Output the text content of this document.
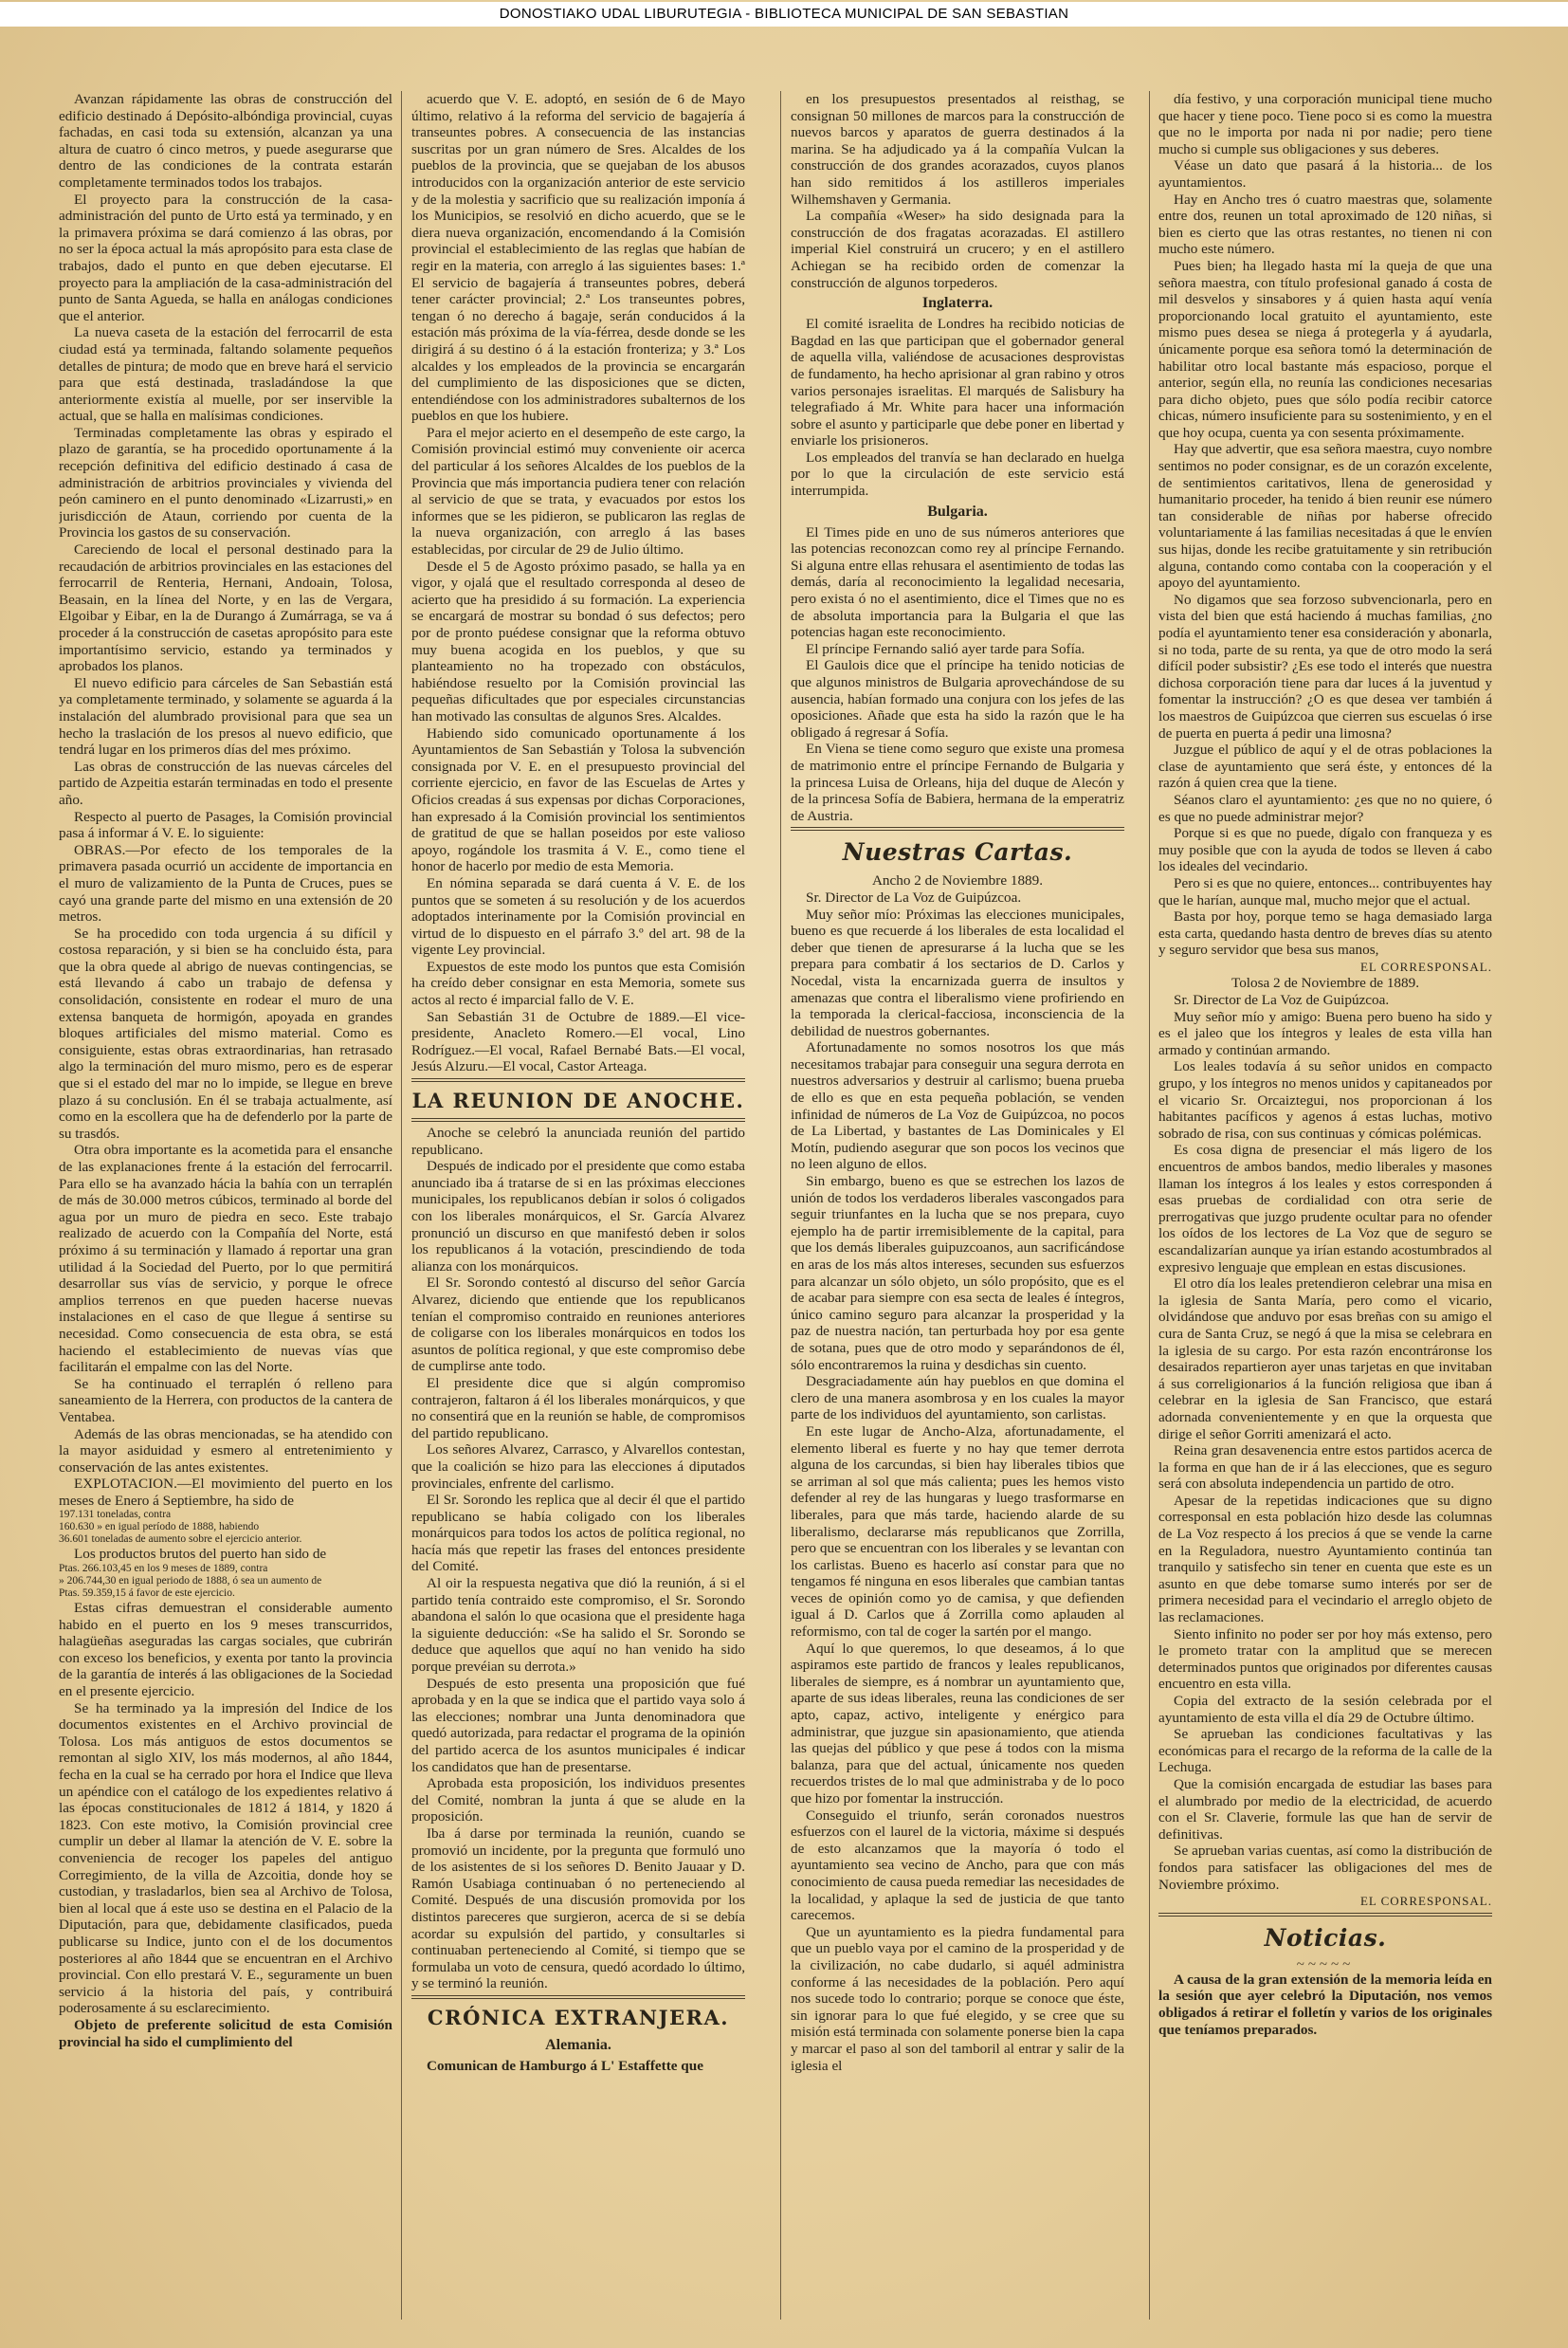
DONOSTIAKO UDAL LIBURUTEGIA - BIBLIOTECA MUNICIPAL DE SAN SEBASTIAN

Avanzan rápidamente las obras de construcción del edificio destinado á Depósito-albóndiga provincial, cuyas fachadas, en casi toda su extensión, alcanzan ya una altura de cuatro ó cinco metros, y puede asegurarse que dentro de las condiciones de la contrata estarán completamente terminados todos los trabajos.

El proyecto para la construcción de la casa-administración del punto de Urto está ya terminado, y en la primavera próxima se dará comienzo á las obras, por no ser la época actual la más apropósito para esta clase de trabajos, dado el punto en que deben ejecutarse. El proyecto para la ampliación de la casa-administración del punto de Santa Agueda, se halla en análogas condiciones que el anterior.

La nueva caseta de la estación del ferrocarril de esta ciudad está ya terminada, faltando solamente pequeños detalles de pintura; de modo que en breve hará el servicio para que está destinada, trasladándose la que anteriormente existía al muelle, por ser inservible la actual, que se halla en malísimas condiciones.

Terminadas completamente las obras y espirado el plazo de garantía, se ha procedido oportunamente á la recepción definitiva del edificio destinado á casa de administración de arbitrios provinciales y vivienda del peón caminero en el punto denominado «Lizarrusti,» en jurisdicción de Ataun, corriendo por cuenta de la Provincia los gastos de su conservación.

Careciendo de local el personal destinado para la recaudación de arbitrios provinciales en las estaciones del ferrocarril de Renteria, Hernani, Andoain, Tolosa, Beasain, en la línea del Norte, y en las de Vergara, Elgoibar y Eibar, en la de Durango á Zumárraga, se va á proceder á la construcción de casetas apropósito para este importantísimo servicio, estando ya terminados y aprobados los planos.

El nuevo edificio para cárceles de San Sebastián está ya completamente terminado, y solamente se aguarda á la instalación del alumbrado provisional para que sea un hecho la traslación de los presos al nuevo edificio, que tendrá lugar en los primeros días del mes próximo.

Las obras de construcción de las nuevas cárceles del partido de Azpeitia estarán terminadas en todo el presente año.

Respecto al puerto de Pasages, la Comisión provincial pasa á informar á V. E. lo siguiente:

OBRAS.—Por efecto de los temporales de la primavera pasada ocurrió un accidente de importancia en el muro de valizamiento de la Punta de Cruces, pues se cayó una grande parte del mismo en una extensión de 20 metros.

Se ha procedido con toda urgencia á su difícil y costosa reparación, y si bien se ha concluido ésta, para que la obra quede al abrigo de nuevas contingencias, se está llevando á cabo un trabajo de defensa y consolidación, consistente en rodear el muro de una extensa banqueta de hormigón, apoyada en grandes bloques artificiales del mismo material. Como es consiguiente, estas obras extraordinarias, han retrasado algo la terminación del muro mismo, pero es de esperar que si el estado del mar no lo impide, se llegue en breve plazo á su conclusión. En él se trabaja actualmente, así como en la escollera que ha de defenderlo por la parte de su trasdós.

Otra obra importante es la acometida para el ensanche de las explanaciones frente á la estación del ferrocarril. Para ello se ha avanzado hácia la bahía con un terraplén de más de 30.000 metros cúbicos, terminado al borde del agua por un muro de piedra en seco. Este trabajo realizado de acuerdo con la Compañía del Norte, está próximo á su terminación y llamado á reportar una gran utilidad á la Sociedad del Puerto, por lo que permitirá desarrollar sus vías de servicio, y porque le ofrece amplios terrenos en que pueden hacerse nuevas instalaciones en el caso de que llegue á sentirse su necesidad. Como consecuencia de esta obra, se está haciendo el establecimiento de nuevas vías que facilitarán el empalme con las del Norte.

Se ha continuado el terraplén ó relleno para saneamiento de la Herrera, con productos de la cantera de Ventabea.

Además de las obras mencionadas, se ha atendido con la mayor asiduidad y esmero al entretenimiento y conservación de las antes existentes.

EXPLOTACION.—El movimiento del puerto en los meses de Enero á Septiembre, ha sido de

197.131 toneladas, contra

160.630 » en igual período de 1888, habiendo

36.601 toneladas de aumento sobre el ejercicio anterior.

Los productos brutos del puerto han sido de

Ptas. 266.103,45 en los 9 meses de 1889, contra

» 206.744,30 en igual periodo de 1888, ó sea un aumento de

Ptas. 59.359,15 á favor de este ejercicio.

Estas cifras demuestran el considerable aumento habido en el puerto en los 9 meses transcurridos, halagüeñas aseguradas las cargas sociales, que cubrirán con exceso los beneficios, y exenta por tanto la provincia de la garantía de interés á las obligaciones de la Sociedad en el presente ejercicio.

Se ha terminado ya la impresión del Indice de los documentos existentes en el Archivo provincial de Tolosa. Los más antiguos de estos documentos se remontan al siglo XIV, los más modernos, al año 1844, fecha en la cual se ha cerrado por hora el Indice que lleva un apéndice con el catálogo de los expedientes relativo á las épocas constitucionales de 1812 á 1814, y 1820 á 1823. Con este motivo, la Comisión provincial cree cumplir un deber al llamar la atención de V. E. sobre la conveniencia de recoger los papeles del antiguo Corregimiento, de la villa de Azcoitia, donde hoy se custodian, y trasladarlos, bien sea al Archivo de Tolosa, bien al local que á este uso se destina en el Palacio de la Diputación, para que, debidamente clasificados, pueda publicarse su Indice, junto con el de los documentos posteriores al año 1844 que se encuentran en el Archivo provincial. Con ello prestará V. E., seguramente un buen servicio á la historia del país, y contribuirá poderosamente á su esclarecimiento.

Objeto de preferente solicitud de esta Comisión provincial ha sido el cumplimiento del

acuerdo que V. E. adoptó, en sesión de 6 de Mayo último, relativo á la reforma del servicio de bagajería á transeuntes pobres. A consecuencia de las instancias suscritas por un gran número de Sres. Alcaldes de los pueblos de la provincia, que se quejaban de los abusos introducidos con la organización anterior de este servicio y de la molestia y sacrificio que su realización imponía á los Municipios, se resolvió en dicho acuerdo, que se le diera nueva organización, encomendando á la Comisión provincial el establecimiento de las reglas que habían de regir en la materia, con arreglo á las siguientes bases: 1.ª El servicio de bagajería á transeuntes pobres, deberá tener carácter provincial; 2.ª Los transeuntes pobres, tengan ó no derecho á bagaje, serán conducidos á la estación más próxima de la vía-férrea, desde donde se les dirigirá á su destino ó á la estación fronteriza; y 3.ª Los alcaldes y los empleados de la provincia se encargarán del cumplimiento de las disposiciones que se dicten, entendiéndose con los administradores subalternos de los pueblos en que los hubiere.

Para el mejor acierto en el desempeño de este cargo, la Comisión provincial estimó muy conveniente oir acerca del particular á los señores Alcaldes de los pueblos de la Provincia que más importancia pudiera tener con relación al servicio de que se trata, y evacuados por estos los informes que se les pidieron, se publicaron las reglas de la nueva organización, con arreglo á las bases establecidas, por circular de 29 de Julio último.

Desde el 5 de Agosto próximo pasado, se halla ya en vigor, y ojalá que el resultado corresponda al deseo de acierto que ha presidido á su formación. La experiencia se encargará de mostrar su bondad ó sus defectos; pero por de pronto puédese consignar que la reforma obtuvo muy buena acogida en los pueblos, y que su planteamiento no ha tropezado con obstáculos, habiéndose resuelto por la Comisión provincial las pequeñas dificultades que por especiales circunstancias han motivado las consultas de algunos Sres. Alcaldes.

Habiendo sido comunicado oportunamente á los Ayuntamientos de San Sebastián y Tolosa la subvención consignada por V. E. en el presupuesto provincial del corriente ejercicio, en favor de las Escuelas de Artes y Oficios creadas á sus expensas por dichas Corporaciones, han expresado á la Comisión provincial los sentimientos de gratitud de que se hallan poseidos por este valioso apoyo, rogándole los trasmita á V. E., como tiene el honor de hacerlo por medio de esta Memoria.

En nómina separada se dará cuenta á V. E. de los puntos que se someten á su resolución y de los acuerdos adoptados interinamente por la Comisión provincial en virtud de lo dispuesto en el párrafo 3.º del art. 98 de la vigente Ley provincial.

Expuestos de este modo los puntos que esta Comisión ha creído deber consignar en esta Memoria, somete sus actos al recto é imparcial fallo de V. E.

San Sebastián 31 de Octubre de 1889.—El vice-presidente, Anacleto Romero.—El vocal, Lino Rodríguez.—El vocal, Rafael Bernabé Bats.—El vocal, Jesús Alzuru.—El vocal, Castor Arteaga.

LA REUNION DE ANOCHE.

Anoche se celebró la anunciada reunión del partido republicano.

Después de indicado por el presidente que como estaba anunciado iba á tratarse de si en las próximas elecciones municipales, los republicanos debían ir solos ó coligados con los liberales monárquicos, el Sr. García Alvarez pronunció un discurso en que manifestó deben ir solos los republicanos á la votación, prescindiendo de toda alianza con los monárquicos.

El Sr. Sorondo contestó al discurso del señor García Alvarez, diciendo que entiende que los republicanos tenían el compromiso contraido en reuniones anteriores de coligarse con los liberales monárquicos en todos los asuntos de política regional, y que este compromiso debe de cumplirse ante todo.

El presidente dice que si algún compromiso contrajeron, faltaron á él los liberales monárquicos, y que no consentirá que en la reunión se hable, de compromisos del partido republicano.

Los señores Alvarez, Carrasco, y Alvarellos contestan, que la coalición se hizo para las elecciones á diputados provinciales, enfrente del carlismo.

El Sr. Sorondo les replica que al decir él que el partido republicano se había coligado con los liberales monárquicos para todos los actos de política regional, no hacía más que repetir las frases del entonces presidente del Comité.

Al oir la respuesta negativa que dió la reunión, á si el partido tenía contraido este compromiso, el Sr. Sorondo abandona el salón lo que ocasiona que el presidente haga la siguiente deducción: «Se ha salido el Sr. Sorondo se deduce que aquellos que aquí no han venido ha sido porque prevéian su derrota.»

Después de esto presenta una proposición que fué aprobada y en la que se indica que el partido vaya solo á las elecciones; nombrar una Junta denominadora que quedó autorizada, para redactar el programa de la opinión del partido acerca de los asuntos municipales é indicar los candidatos que han de presentarse.

Aprobada esta proposición, los individuos presentes del Comité, nombran la junta á que se alude en la proposición.

Iba á darse por terminada la reunión, cuando se promovió un incidente, por la pregunta que formuló uno de los asistentes de si los señores D. Benito Jauaar y D. Ramón Usabiaga continuaban ó no perteneciendo al Comité. Después de una discusión promovida por los distintos pareceres que surgieron, acerca de si se debía acordar su expulsión del partido, y consultarles si continuaban perteneciendo al Comité, si tiempo que se formulaba un voto de censura, quedó acordado lo último, y se terminó la reunión.

CRÓNICA EXTRANJERA.
Alemania.

Comunican de Hamburgo á L' Estaffette que

en los presupuestos presentados al reisthag, se consignan 50 millones de marcos para la construcción de nuevos barcos y aparatos de guerra destinados á la marina. Se ha adjudicado ya á la compañía Vulcan la construcción de dos grandes acorazados, cuyos planos han sido remitidos á los astilleros imperiales Wilhemshaven y Germania.

La compañía «Weser» ha sido designada para la construcción de dos fragatas acorazadas. El astillero imperial Kiel construirá un crucero; y en el astillero Achiegan se ha recibido orden de comenzar la construcción de algunos torpederos.

Inglaterra.

El comité israelita de Londres ha recibido noticias de Bagdad en las que participan que el gobernador general de aquella villa, valiéndose de acusaciones desprovistas de fundamento, ha hecho aprisionar al gran rabino y otros varios personajes israelitas. El marqués de Salisbury ha telegrafiado á Mr. White para hacer una información sobre el asunto y participarle que debe poner en libertad y enviarle los prisioneros.

Los empleados del tranvía se han declarado en huelga por lo que la circulación de este servicio está interrumpida.

Bulgaria.

El Times pide en uno de sus números anteriores que las potencias reconozcan como rey al príncipe Fernando. Si alguna entre ellas rehusara el asentimiento de todas las demás, daría al reconocimiento la legalidad necesaria, pero exista ó no el asentimiento, dice el Times que no es de absoluta importancia para la Bulgaria el que las potencias hagan este reconocimiento.

El príncipe Fernando salió ayer tarde para Sofía.

El Gaulois dice que el príncipe ha tenido noticias de que algunos ministros de Bulgaria aprovechándose de su ausencia, habían formado una conjura con los jefes de las oposiciones. Añade que esta ha sido la razón que le ha obligado á regresar á Sofía.

En Viena se tiene como seguro que existe una promesa de matrimonio entre el príncipe Fernando de Bulgaria y la princesa Luisa de Orleans, hija del duque de Alecón y de la princesa Sofía de Babiera, hermana de la emperatriz de Austria.

Nuestras Cartas.

Ancho 2 de Noviembre 1889.

Sr. Director de La Voz de Guipúzcoa.

Muy señor mío: Próximas las elecciones municipales, bueno es que recuerde á los liberales de esta localidad el deber que tienen de apresurarse á la lucha que se les prepara para combatir á los sectarios de D. Carlos y Nocedal, vista la encarnizada guerra de insultos y amenazas que contra el liberalismo viene profiriendo en la temporada la clerical-facciosa, inconsciencia de la debilidad de nuestros gobernantes.

Afortunadamente no somos nosotros los que más necesitamos trabajar para conseguir una segura derrota en nuestros adversarios y destruir al carlismo; buena prueba de ello es que en esta pequeña población, se venden infinidad de números de La Voz de Guipúzcoa, no pocos de La Libertad, y bastantes de Las Dominicales y El Motín, pudiendo asegurar que son pocos los vecinos que no leen alguno de ellos.

Sin embargo, bueno es que se estrechen los lazos de unión de todos los verdaderos liberales vascongados para seguir triunfantes en la lucha que se nos prepara, cuyo ejemplo ha de partir irremisiblemente de la capital, para que los demás liberales guipuzcoanos, aun sacrificándose en aras de los más altos intereses, secunden sus esfuerzos para alcanzar un sólo objeto, un sólo propósito, que es el de acabar para siempre con esa secta de leales é íntegros, único camino seguro para alcanzar la prosperidad y la paz de nuestra nación, tan perturbada hoy por esa gente de sotana, pues que de otro modo y separándonos de él, sólo encontraremos la ruina y desdichas sin cuento.

Desgraciadamente aún hay pueblos en que domina el clero de una manera asombrosa y en los cuales la mayor parte de los individuos del ayuntamiento, son carlistas.

En este lugar de Ancho-Alza, afortunadamente, el elemento liberal es fuerte y no hay que temer derrota alguna de los carcundas, si bien hay liberales tibios que se arriman al sol que más calienta; pues les hemos visto defender al rey de las hungaras y luego trasformarse en liberales, para que más tarde, haciendo alarde de su liberalismo, declararse más republicanos que Zorrilla, pero que se encuentran con los liberales y se levantan con los carlistas. Bueno es hacerlo así constar para que no tengamos fé ninguna en esos liberales que cambian tantas veces de opinión como yo de camisa, y que defienden igual á D. Carlos que á Zorrilla como aplauden al reformismo, con tal de coger la sartén por el mango.

Aquí lo que queremos, lo que deseamos, á lo que aspiramos este partido de francos y leales republicanos, liberales de siempre, es á nombrar un ayuntamiento que, aparte de sus ideas liberales, reuna las condiciones de ser apto, capaz, activo, inteligente y enérgico para administrar, que juzgue sin apasionamiento, que atienda las quejas del público y que pese á todos con la misma balanza, para que del actual, únicamente nos queden recuerdos tristes de lo mal que administraba y de lo poco que hizo por fomentar la instrucción.

Conseguido el triunfo, serán coronados nuestros esfuerzos con el laurel de la victoria, máxime si después de esto alcanzamos que la mayoría ó todo el ayuntamiento sea vecino de Ancho, para que con más conocimiento de causa pueda remediar las necesidades de la localidad, y aplaque la sed de justicia de que tanto carecemos.

Que un ayuntamiento es la piedra fundamental para que un pueblo vaya por el camino de la prosperidad y de la civilización, no cabe dudarlo, si aquél administra conforme á las necesidades de la población. Pero aquí nos sucede todo lo contrario; porque se conoce que éste, sin ignorar para lo que fué elegido, y se cree que su misión está terminada con solamente ponerse bien la capa y marcar el paso al son del tamboril al entrar y salir de la iglesia el

día festivo, y una corporación municipal tiene mucho que hacer y tiene poco. Tiene poco si es como la muestra que no le importa por nada ni por nadie; pero tiene mucho si cumple sus obligaciones y sus deberes.

Véase un dato que pasará á la historia... de los ayuntamientos.

Hay en Ancho tres ó cuatro maestras que, solamente entre dos, reunen un total aproximado de 120 niñas, si bien es cierto que las otras restantes, no tienen ni con mucho este número.

Pues bien; ha llegado hasta mí la queja de que una señora maestra, con título profesional ganado á costa de mil desvelos y sinsabores y á quien hasta aquí venía proporcionando local gratuito el ayuntamiento, este mismo pues desea se niega á protegerla y á ayudarla, únicamente porque esa señora tomó la determinación de habilitar otro local bastante más espacioso, porque el anterior, según ella, no reunía las condiciones necesarias para dicho objeto, pues que sólo podía recibir catorce chicas, número insuficiente para su sostenimiento, y en el que hoy ocupa, cuenta ya con sesenta próximamente.

Hay que advertir, que esa señora maestra, cuyo nombre sentimos no poder consignar, es de un corazón excelente, de sentimientos caritativos, llena de generosidad y humanitario proceder, ha tenido á bien reunir ese número tan considerable de niñas por haberse ofrecido voluntariamente á las familias necesitadas á que le envíen sus hijas, donde les recibe gratuitamente y sin retribución alguna, contando como contaba con la cooperación y el apoyo del ayuntamiento.

No digamos que sea forzoso subvencionarla, pero en vista del bien que está haciendo á muchas familias, ¿no podía el ayuntamiento tener esa consideración y abonarla, si no toda, parte de su renta, ya que de otro modo la será difícil poder subsistir? ¿Es ese todo el interés que nuestra dichosa corporación tiene para dar luces á la juventud y fomentar la instrucción? ¿O es que desea ver también á los maestros de Guipúzcoa que cierren sus escuelas ó irse de puerta en puerta á pedir una limosna?

Juzgue el público de aquí y el de otras poblaciones la clase de ayuntamiento que será éste, y entonces dé la razón á quien crea que la tiene.

Séanos claro el ayuntamiento: ¿es que no no quiere, ó es que no puede administrar mejor?

Porque si es que no puede, dígalo con franqueza y es muy posible que con la ayuda de todos se lleven á cabo los ideales del vecindario.

Pero si es que no quiere, entonces... contribuyentes hay que le harían, aunque mal, mucho mejor que el actual.

Basta por hoy, porque temo se haga demasiado larga esta carta, quedando hasta dentro de breves días su atento y seguro servidor que besa sus manos,

EL CORRESPONSAL.

Tolosa 2 de Noviembre de 1889.

Sr. Director de La Voz de Guipúzcoa.

Muy señor mío y amigo: Buena pero bueno ha sido y es el jaleo que los íntegros y leales de esta villa han armado y continúan armando.

Los leales todavía á su señor unidos en compacto grupo, y los íntegros no menos unidos y capitaneados por el vicario Sr. Orcaiztegui, nos proporcionan á los habitantes pacíficos y agenos á estas luchas, motivo sobrado de risa, con sus continuas y cómicas polémicas.

Es cosa digna de presenciar el más ligero de los encuentros de ambos bandos, medio liberales y masones llaman los íntegros á los leales y estos corresponden á esas pruebas de cordialidad con otra serie de prerrogativas que juzgo prudente ocultar para no ofender los oídos de los lectores de La Voz que de seguro se escandalizarían aunque ya irían estando acostumbrados al expresivo lenguaje que emplean en estas discusiones.

El otro día los leales pretendieron celebrar una misa en la iglesia de Santa María, pero como el vicario, olvidándose que anduvo por esas breñas con su amigo el cura de Santa Cruz, se negó á que la misa se celebrara en la iglesia de su cargo. Por esta razón encontráronse los desairados repartieron ayer unas tarjetas en que invitaban á sus correligionarios á la función religiosa que iban á celebrar en la iglesia de San Francisco, que estará adornada convenientemente y en que la orquesta que dirige el señor Gorriti amenizará el acto.

Reina gran desavenencia entre estos partidos acerca de la forma en que han de ir á las elecciones, que es seguro será con absoluta independencia un partido de otro.

Apesar de la repetidas indicaciones que su digno corresponsal en esta población hizo desde las columnas de La Voz respecto á los precios á que se vende la carne en la Reguladora, nuestro Ayuntamiento continúa tan tranquilo y satisfecho sin tener en cuenta que este es un asunto en que debe tomarse sumo interés por ser de primera necesidad para el vecindario el arreglo objeto de las reclamaciones.

Siento infinito no poder ser por hoy más extenso, pero le prometo tratar con la amplitud que se merecen determinados puntos que originados por diferentes causas encuentro en esta villa.

Copia del extracto de la sesión celebrada por el ayuntamiento de esta villa el día 29 de Octubre último.

Se aprueban las condiciones facultativas y las económicas para el recargo de la reforma de la calle de la Lechuga.

Que la comisión encargada de estudiar las bases para el alumbrado por medio de la electricidad, de acuerdo con el Sr. Claverie, formule las que han de servir de definitivas.

Se aprueban varias cuentas, así como la distribución de fondos para satisfacer las obligaciones del mes de Noviembre próximo.

EL CORRESPONSAL.

Noticias.
~~~~~

A causa de la gran extensión de la memoria leída en la sesión que ayer celebró la Diputación, nos vemos obligados á retirar el folletín y varios de los originales que teníamos preparados.
